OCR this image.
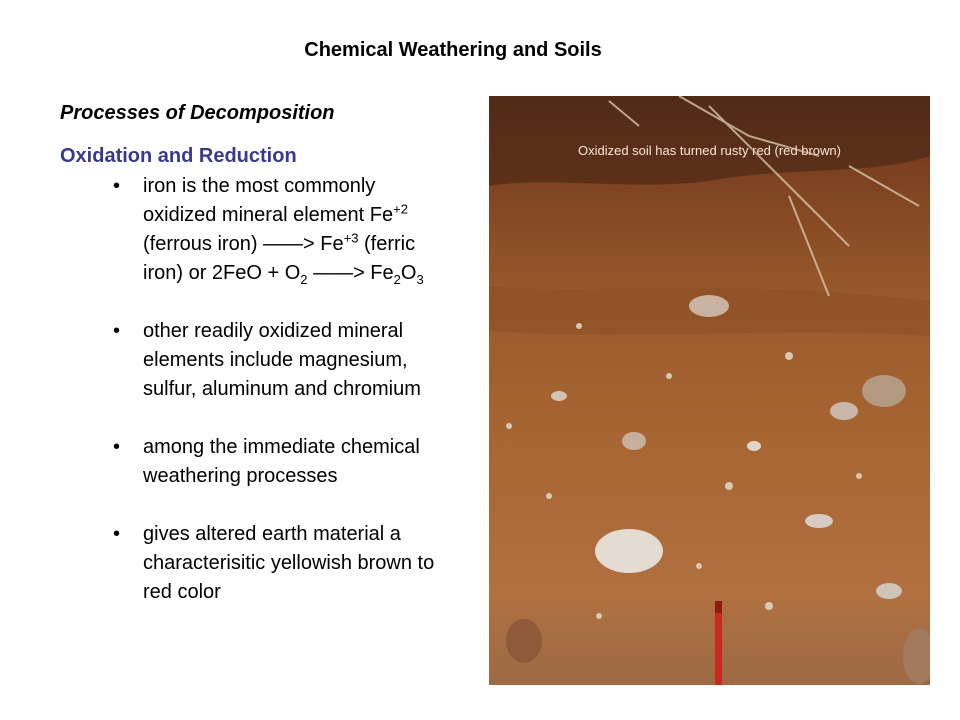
Chemical Weathering and Soils
Processes of Decomposition
Oxidation and Reduction
• iron is the most commonly oxidized mineral element $Fe^{+2}$ (ferrous iron) ——> $Fe^{+3}$ (ferric iron) or $2FeO + O_2$ ——> $Fe_2O_3$
• other readily oxidized mineral elements include magnesium, sulfur, aluminum and chromium
• among the immediate chemical weathering processes
• gives altered earth material a characterisitic yellowish brown to red color
Oxidized soil has turned rusty red (red brown)
